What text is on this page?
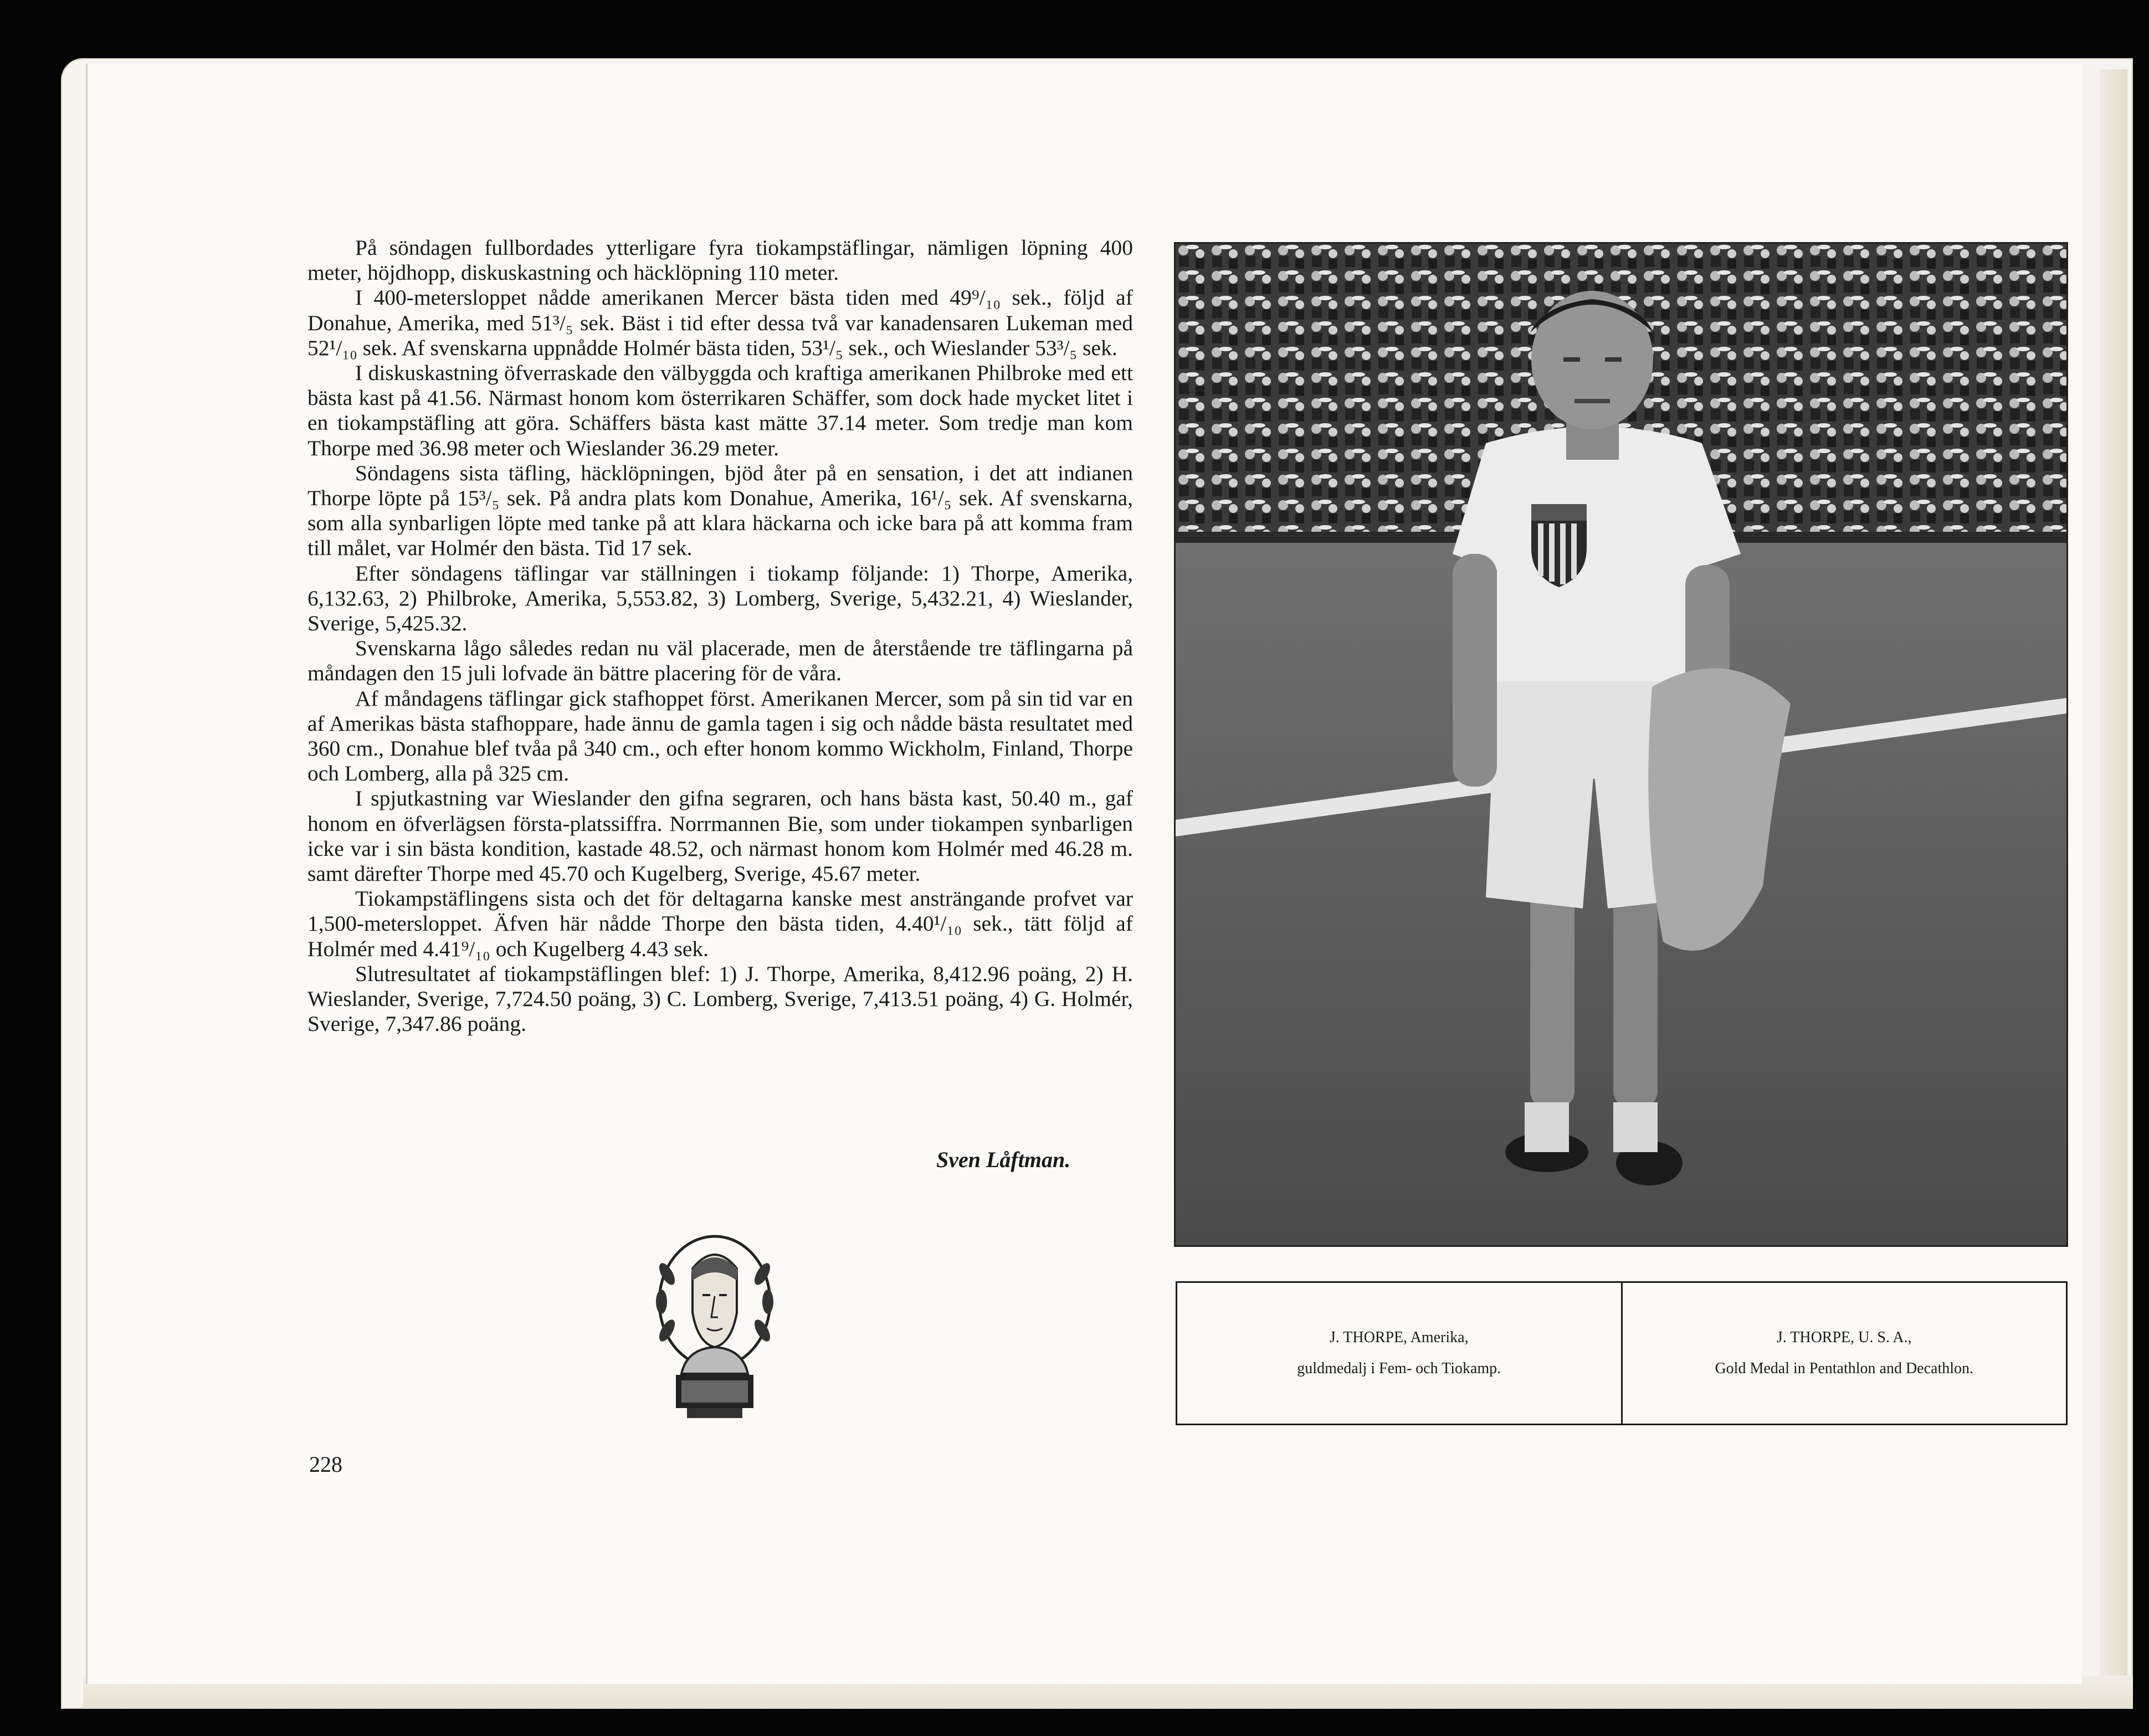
På söndagen fullbordades ytterligare fyra tiokampstäflingar, nämligen löpning 400 meter, höjdhopp, diskuskastning och häcklöpning 110 meter.

I 400-metersloppet nådde amerikanen Mercer bästa tiden med 49⁹/₁₀ sek., följd af Donahue, Amerika, med 51³/₅ sek. Bäst i tid efter dessa två var kanadensaren Lukeman med 52¹/₁₀ sek. Af svenskarna uppnådde Holmér bästa tiden, 53¹/₅ sek., och Wieslander 53³/₅ sek.

I diskuskastning öfverraskade den välbyggda och kraftiga amerikanen Philbroke med ett bästa kast på 41.56. Närmast honom kom österrikaren Schäffer, som dock hade mycket litet i en tiokampstäfling att göra. Schäffers bästa kast mätte 37.14 meter. Som tredje man kom Thorpe med 36.98 meter och Wieslander 36.29 meter.

Söndagens sista täfling, häcklöpningen, bjöd åter på en sensation, i det att indianen Thorpe löpte på 15³/₅ sek. På andra plats kom Donahue, Amerika, 16¹/₅ sek. Af svenskarna, som alla synbarligen löpte med tanke på att klara häckarna och icke bara på att komma fram till målet, var Holmér den bästa. Tid 17 sek.

Efter söndagens täflingar var ställningen i tiokamp följande: 1) Thorpe, Amerika, 6,132.63, 2) Philbroke, Amerika, 5,553.82, 3) Lomberg, Sverige, 5,432.21, 4) Wieslander, Sverige, 5,425.32.

Svenskarna lågo således redan nu väl placerade, men de återstående tre täflingarna på måndagen den 15 juli lofvade än bättre placering för de våra.

Af måndagens täflingar gick stafhoppet först. Amerikanen Mercer, som på sin tid var en af Amerikas bästa stafhoppare, hade ännu de gamla tagen i sig och nådde bästa resultatet med 360 cm., Donahue blef tvåa på 340 cm., och efter honom kommo Wickholm, Finland, Thorpe och Lomberg, alla på 325 cm.

I spjutkastning var Wieslander den gifna segraren, och hans bästa kast, 50.40 m., gaf honom en öfverlägsen första-platssiffra. Norrmannen Bie, som under tiokampen synbarligen icke var i sin bästa kondition, kastade 48.52, och närmast honom kom Holmér med 46.28 m. samt därefter Thorpe med 45.70 och Kugelberg, Sverige, 45.67 meter.

Tiokampstäflingens sista och det för deltagarna kanske mest ansträngande profvet var 1,500-metersloppet. Äfven här nådde Thorpe den bästa tiden, 4.40¹/₁₀ sek., tätt följd af Holmér med 4.41⁹/₁₀ och Kugelberg 4.43 sek.

Slutresultatet af tiokampstäflingen blef: 1) J. Thorpe, Amerika, 8,412.96 poäng, 2) H. Wieslander, Sverige, 7,724.50 poäng, 3) C. Lomberg, Sverige, 7,413.51 poäng, 4) G. Holmér, Sverige, 7,347.86 poäng.

Sven Låftman.
228
J. THORPE, Amerika,
guldmedalj i Fem- och Tiokamp.
J. THORPE, U. S. A.,
Gold Medal in Pentathlon and Decathlon.
